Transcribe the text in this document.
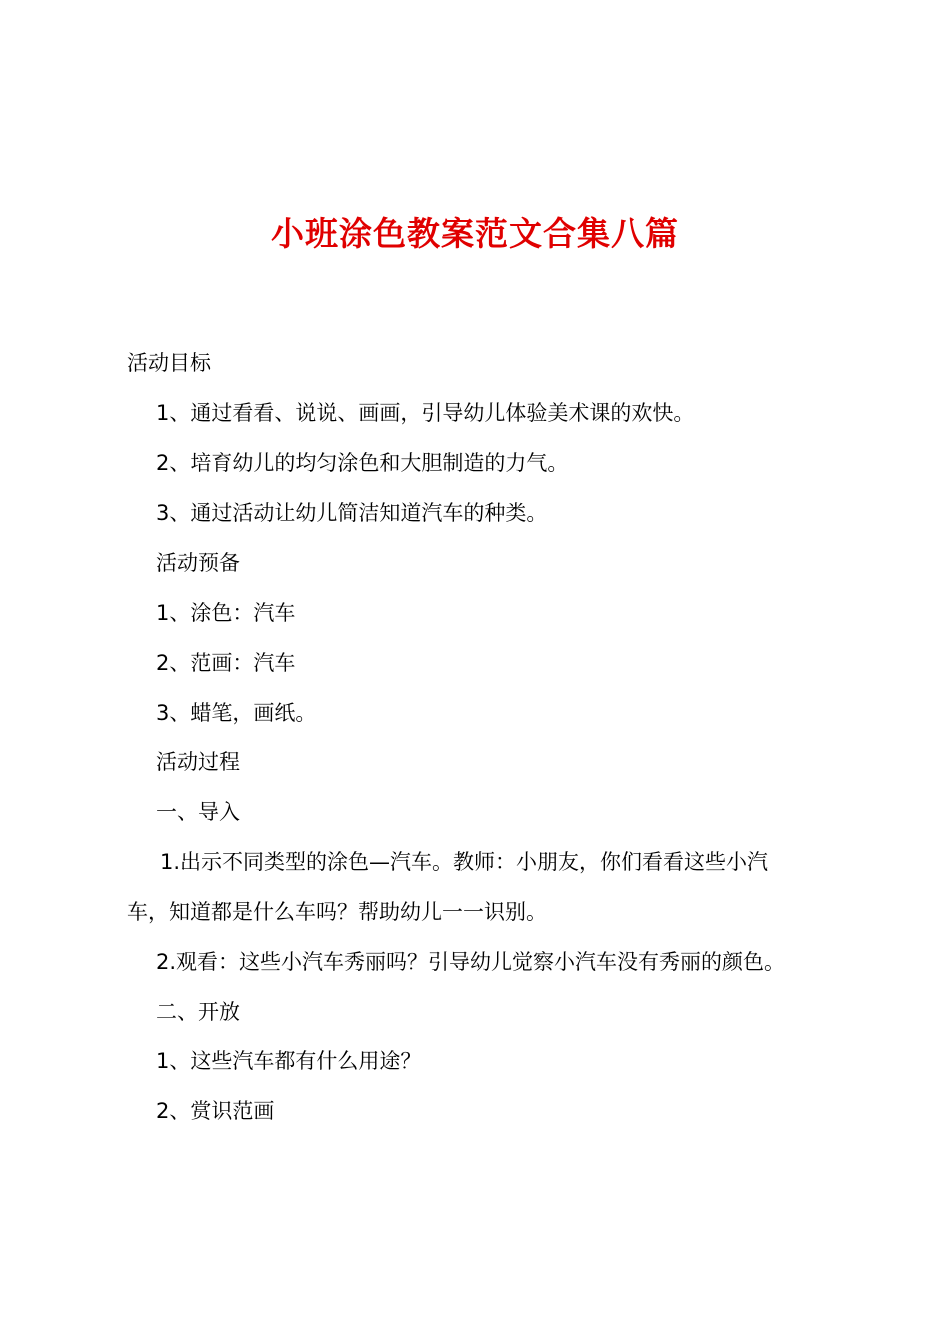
小班涂色教案范文合集八篇
活动目标
1、通过看看、说说、画画，引导幼儿体验美术课的欢快。
2、培育幼儿的均匀涂色和大胆制造的力气。
3、通过活动让幼儿简洁知道汽车的种类。
活动预备
1、涂色：汽车
2、范画：汽车
3、蜡笔，画纸。
活动过程
一、导入
1.出示不同类型的涂色—汽车。教师：小朋友，你们看看这些小汽
车，知道都是什么车吗？帮助幼儿一一识别。
2.观看：这些小汽车秀丽吗？引导幼儿觉察小汽车没有秀丽的颜色。
二、开放
1、这些汽车都有什么用途？
2、赏识范画
